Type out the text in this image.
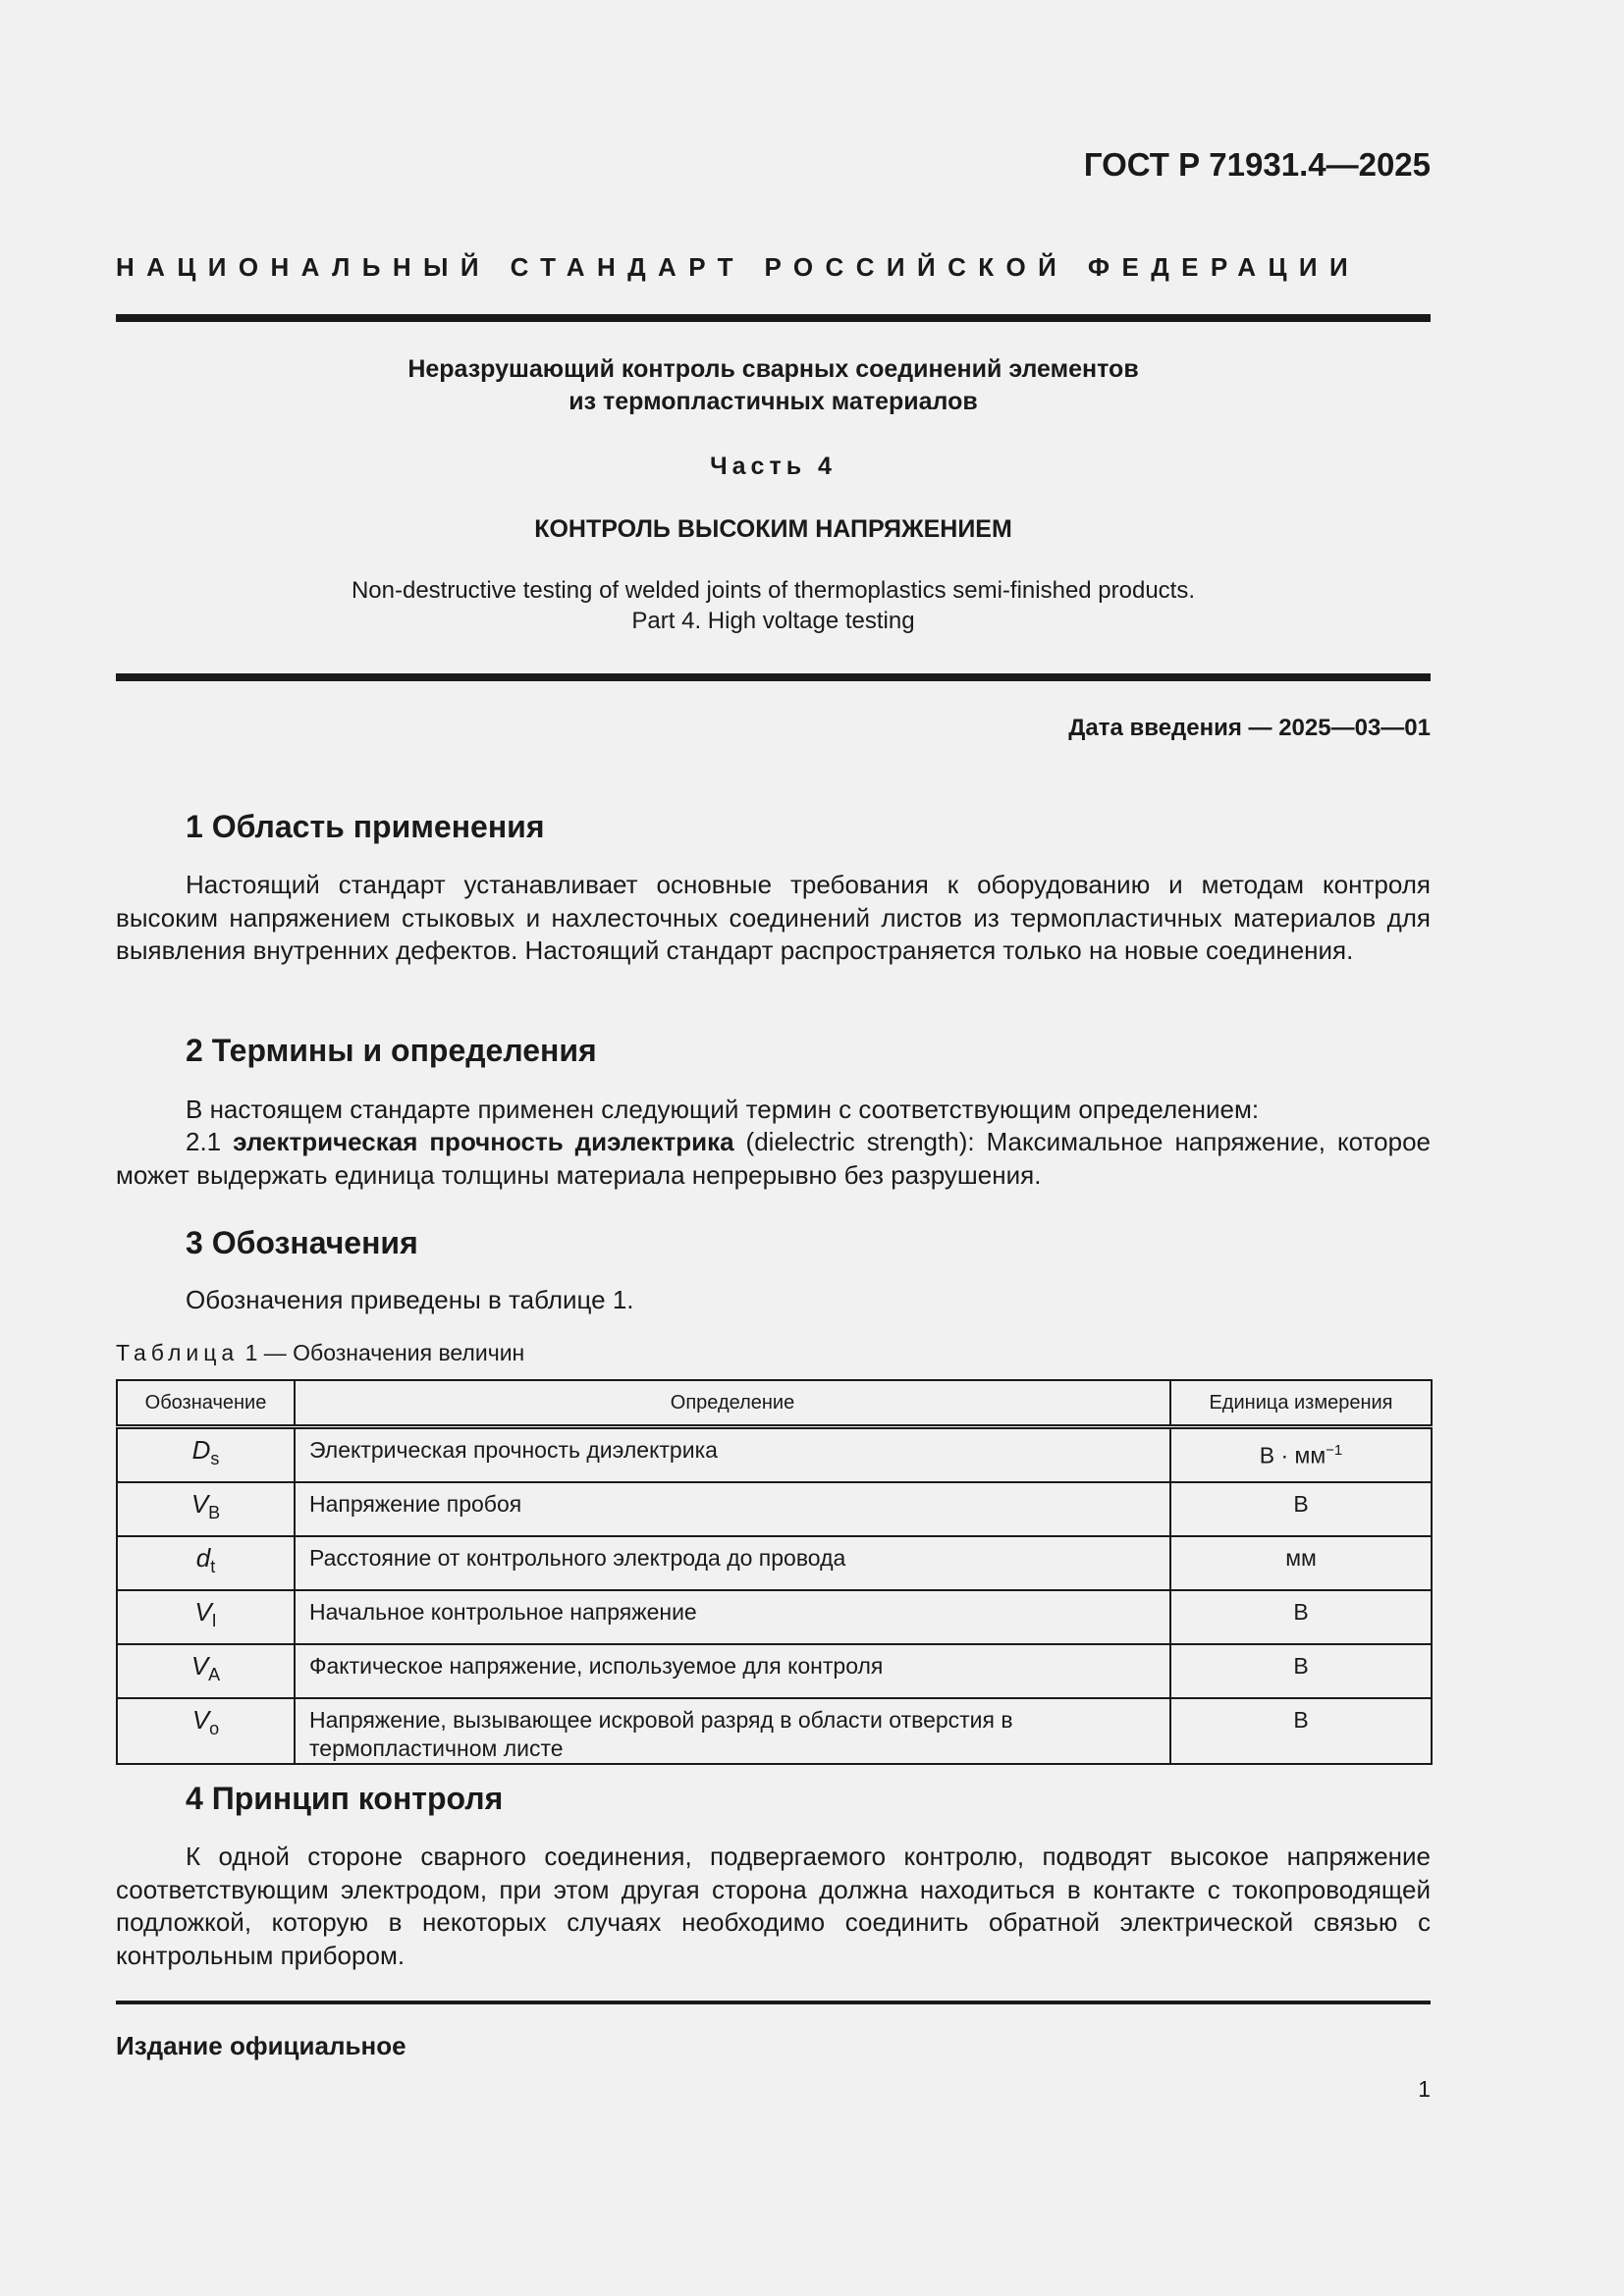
ГОСТ Р 71931.4—2025
НАЦИОНАЛЬНЫЙ СТАНДАРТ РОССИЙСКОЙ ФЕДЕРАЦИИ
Неразрушающий контроль сварных соединений элементов
из термопластичных материалов
Часть 4
КОНТРОЛЬ ВЫСОКИМ НАПРЯЖЕНИЕМ
Non-destructive testing of welded joints of thermoplastics semi-finished products.
Part 4. High voltage testing
Дата введения — 2025—03—01
1 Область применения
Настоящий стандарт устанавливает основные требования к оборудованию и методам контроля высоким напряжением стыковых и нахлесточных соединений листов из термопластичных материалов для выявления внутренних дефектов. Настоящий стандарт распространяется только на новые соединения.
2 Термины и определения
В настоящем стандарте применен следующий термин с соответствующим определением:
2.1 электрическая прочность диэлектрика (dielectric strength): Максимальное напряжение, которое может выдержать единица толщины материала непрерывно без разрушения.
3 Обозначения
Обозначения приведены в таблице 1.
Таблица 1 — Обозначения величин
Обозначение	Определение	Единица измерения
$D_s$	Электрическая прочность диэлектрика	$В \cdot мм^{-1}$
$V_B$	Напряжение пробоя	В
$d_t$	Расстояние от контрольного электрода до провода	мм
$V_I$	Начальное контрольное напряжение	В
$V_A$	Фактическое напряжение, используемое для контроля	В
$V_o$	Напряжение, вызывающее искровой разряд в области отверстия в термопластичном листе	В
4 Принцип контроля
К одной стороне сварного соединения, подвергаемого контролю, подводят высокое напряжение соответствующим электродом, при этом другая сторона должна находиться в контакте с токопроводящей подложкой, которую в некоторых случаях необходимо соединить обратной электрической связью с контрольным прибором.
Издание официальное
1
